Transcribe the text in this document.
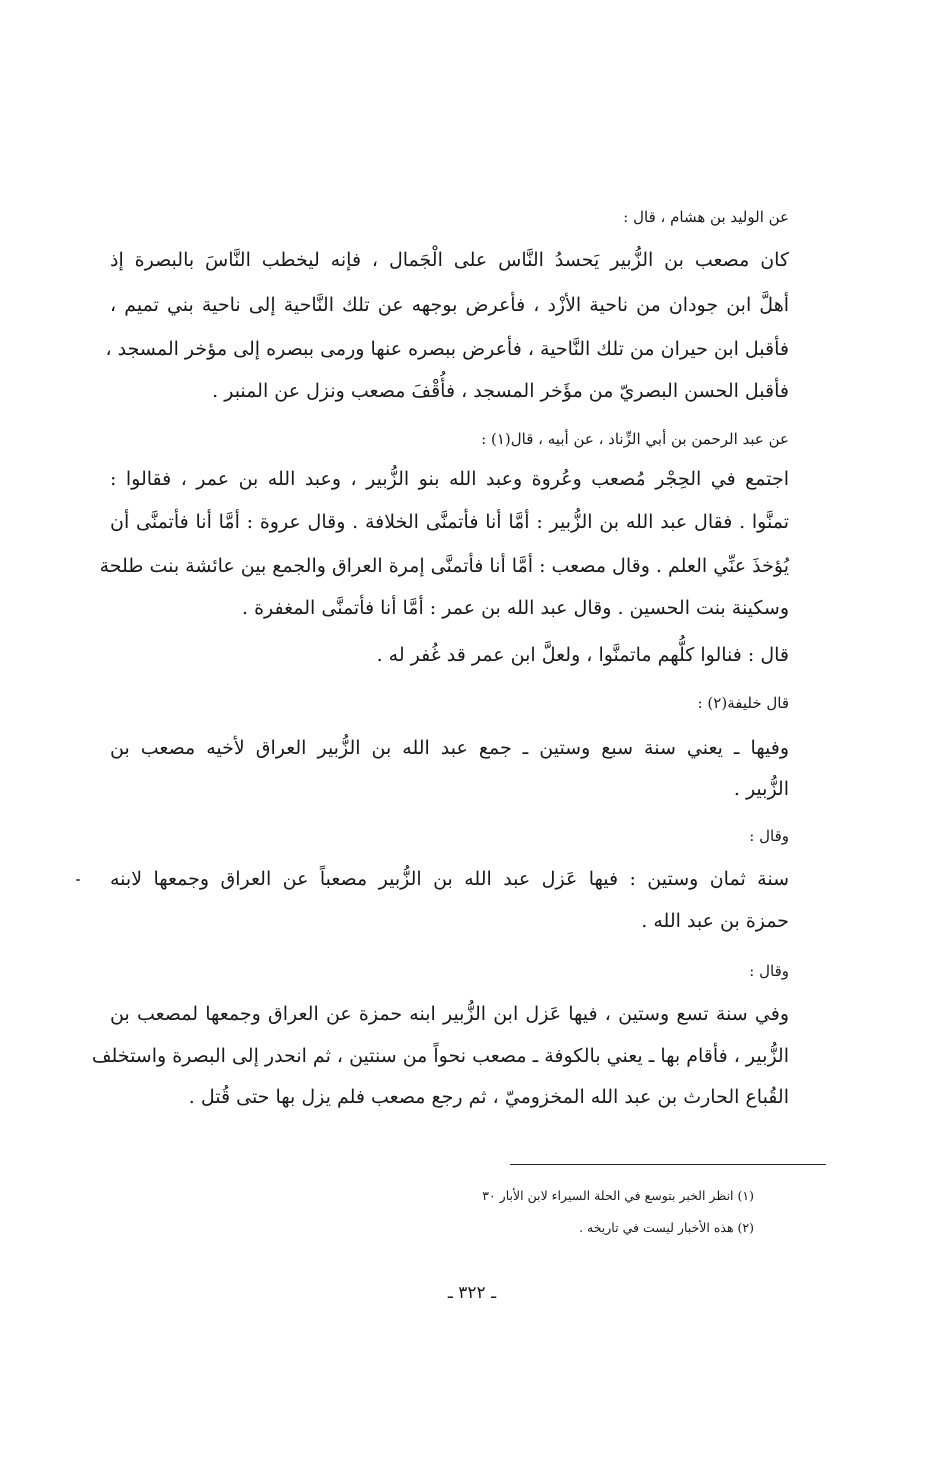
عن الوليد بن هشام ، قال :

كان مصعب بن الزُّبير يَحسدُ النَّاس على الْجَمال ، فإنه ليخطب النَّاسَ بالبصرة إذ

أهلَّ ابن جودان من ناحية الأزْد ، فأعرض بوجهه عن تلك النَّاحية إلى ناحية بني تميم ،

فأقبل ابن حيران من تلك النَّاحية ، فأعرض ببصره عنها ورمى ببصره إلى مؤخر المسجد ،

فأقبل الحسن البصريّ من مؤَخر المسجد ، فأُقْفَ مصعب ونزل عن المنبر .

عن عبد الرحمن بن أبي الزِّناد ، عن أبيه ، قال(١) :

اجتمع في الحِجْر مُصعب وعُروة وعبد الله بنو الزُّبير ، وعبد الله بن عمر ، فقالوا :

تمنَّوا . فقال عبد الله بن الزُّبير : أمَّا أنا فأتمنَّى الخلافة . وقال عروة : أمَّا أنا فأتمنَّى أن

يُؤخذَ عنِّي العلم . وقال مصعب : أمَّا أنا فأتمنَّى إمرة العراق والجمع بين عائشة بنت طلحة

وسكينة بنت الحسين . وقال عبد الله بن عمر : أمَّا أنا فأتمنَّى المغفرة .

قال : فنالوا كلُّهم ماتمنَّوا ، ولعلَّ ابن عمر قد غُفر له .

قال خليفة(٢) :

وفيها ـ يعني سنة سبع وستين ـ جمع عبد الله بن الزُّبير العراق لأخيه مصعب بن

الزُّبير .

وقال :

سنة ثمان وستين : فيها عَزل عبد الله بن الزُّبير مصعباً عن العراق وجمعها لابنه

حمزة بن عبد الله .

وقال :

وفي سنة تسع وستين ، فيها عَزل ابن الزُّبير ابنه حمزة عن العراق وجمعها لمصعب بن

الزُّبير ، فأقام بها ـ يعني بالكوفة ـ مصعب نحواً من سنتين ، ثم انحدر إلى البصرة واستخلف

القُباع الحارث بن عبد الله المخزوميّ ، ثم رجع مصعب فلم يزل بها حتى قُتل .

(١) انظر الخبر بتوسع في الحلة السيراء لابن الأبار ٣٠

(٢) هذه الأخبار ليست في تاريخه .

ـ ٣٢٢ ـ
